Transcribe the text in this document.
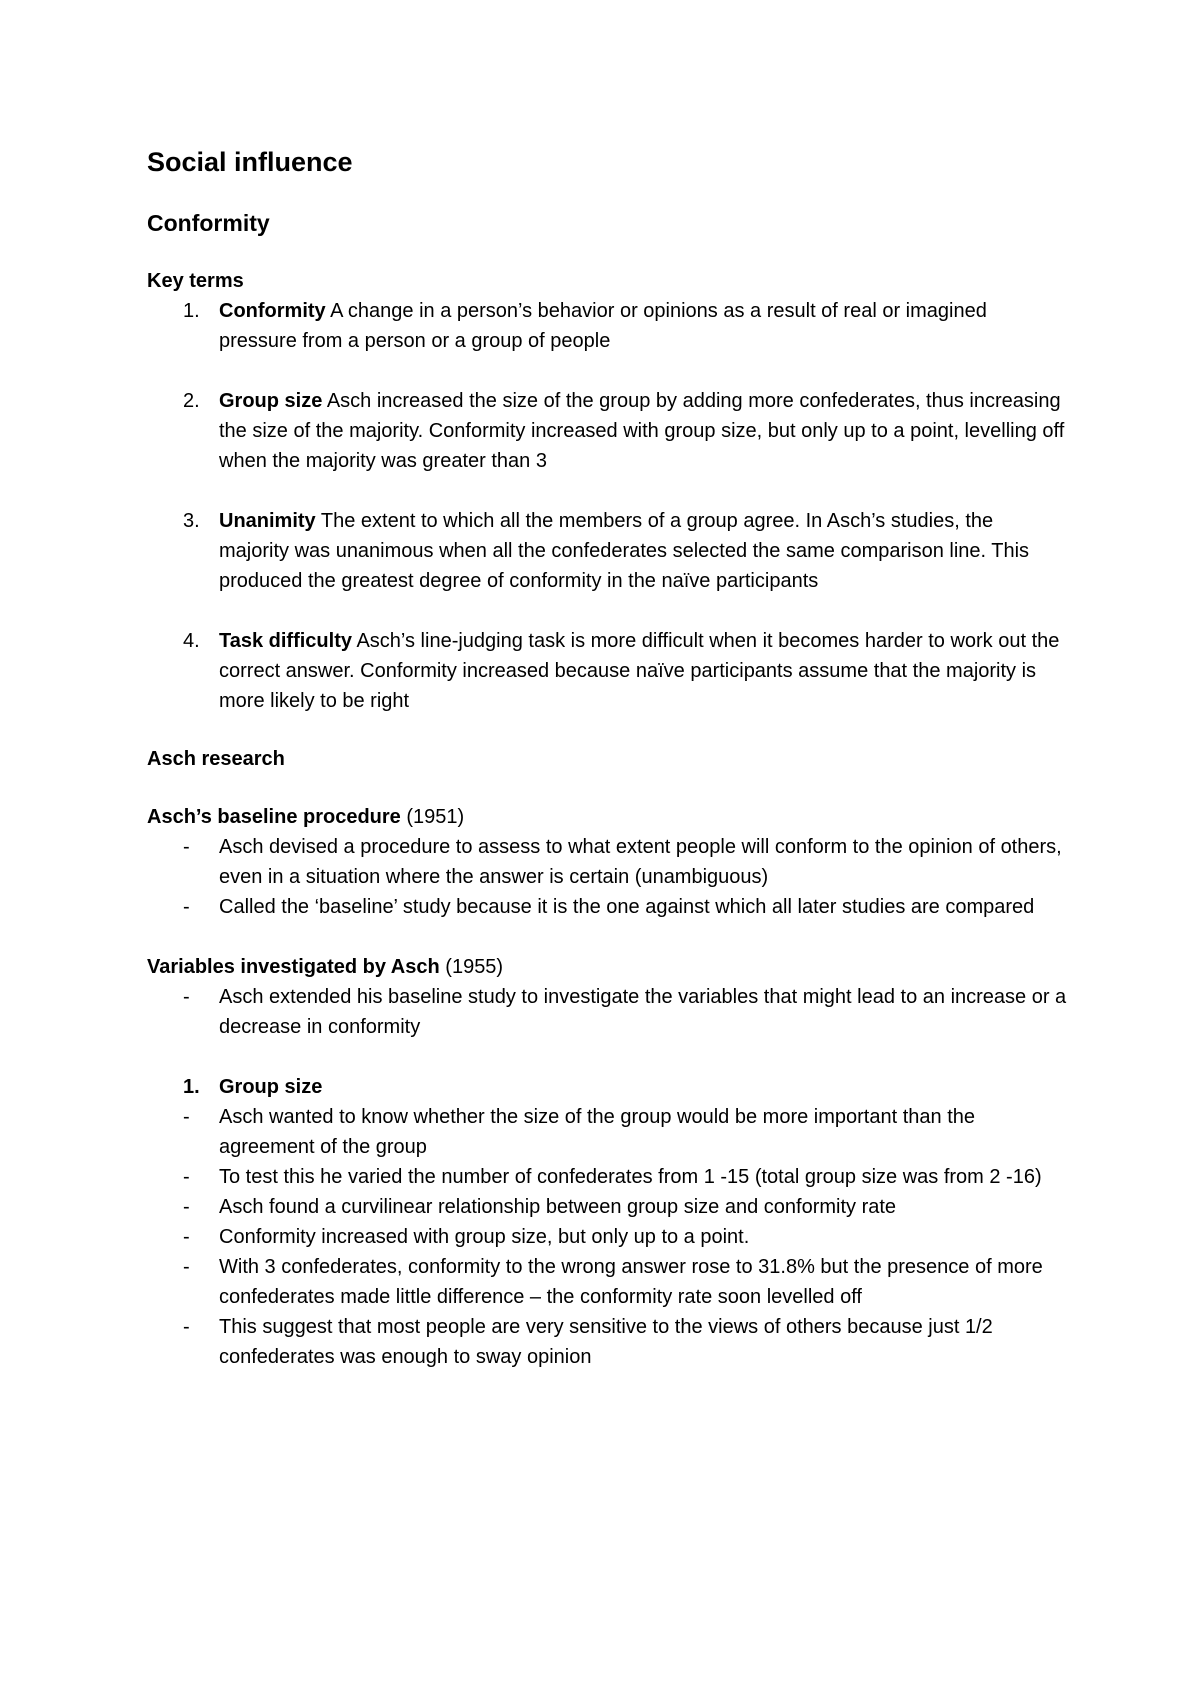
Social influence
Conformity
Key terms
1. Conformity A change in a person’s behavior or opinions as a result of real or imagined pressure from a person or a group of people
2. Group size Asch increased the size of the group by adding more confederates, thus increasing the size of the majority. Conformity increased with group size, but only up to a point, levelling off when the majority was greater than 3
3. Unanimity The extent to which all the members of a group agree. In Asch’s studies, the majority was unanimous when all the confederates selected the same comparison line. This produced the greatest degree of conformity in the naïve participants
4. Task difficulty Asch’s line-judging task is more difficult when it becomes harder to work out the correct answer. Conformity increased because naïve participants assume that the majority is more likely to be right
Asch research
Asch’s baseline procedure (1951)
- Asch devised a procedure to assess to what extent people will conform to the opinion of others, even in a situation where the answer is certain (unambiguous)
- Called the ‘baseline’ study because it is the one against which all later studies are compared
Variables investigated by Asch (1955)
- Asch extended his baseline study to investigate the variables that might lead to an increase or a decrease in conformity
1. Group size
- Asch wanted to know whether the size of the group would be more important than the agreement of the group
- To test this he varied the number of confederates from 1 -15 (total group size was from 2 -16)
- Asch found a curvilinear relationship between group size and conformity rate
- Conformity increased with group size, but only up to a point.
- With 3 confederates, conformity to the wrong answer rose to 31.8% but the presence of more confederates made little difference – the conformity rate soon levelled off
- This suggest that most people are very sensitive to the views of others because just 1/2 confederates was enough to sway opinion
